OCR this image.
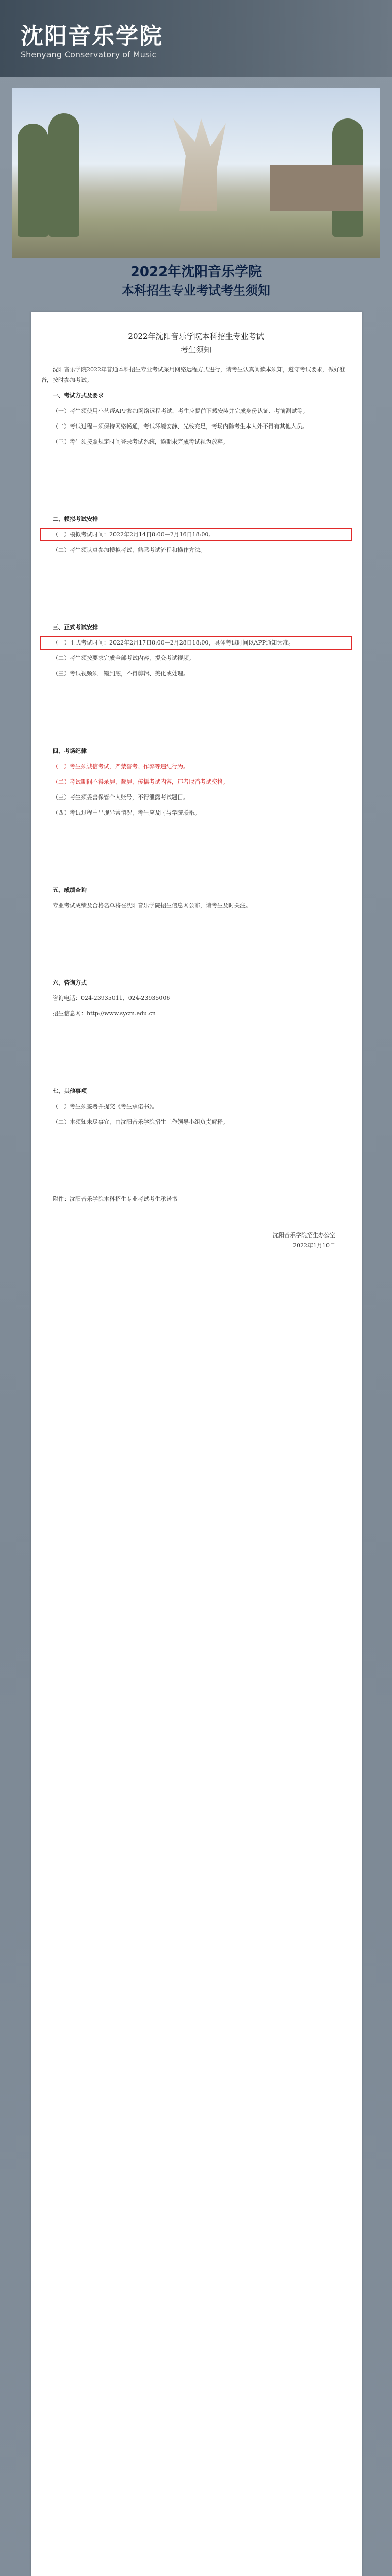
沈阳音乐学院
Shenyang Conservatory of Music
2022年沈阳音乐学院
本科招生专业考试考生须知
2022年沈阳音乐学院本科招生专业考试
考生须知

沈阳音乐学院2022年普通本科招生专业考试采用网络远程方式进行，请考生认真阅读本须知，遵守考试要求，做好准备，按时参加考试。

一、考试方式及要求

（一）考生须使用小艺帮APP参加网络远程考试，考生应提前下载安装并完成身份认证、考前测试等。

（二）考试过程中须保持网络畅通，考试环境安静、光线充足，考场内除考生本人外不得有其他人员。

（三）考生须按照规定时间登录考试系统，逾期未完成考试视为放弃。

二、模拟考试安排

（一）模拟考试时间：2022年2月14日8:00—2月16日18:00。

（二）考生须认真参加模拟考试，熟悉考试流程和操作方法。

三、正式考试安排

（一）正式考试时间：2022年2月17日8:00—2月28日18:00，具体考试时间以APP通知为准。

（二）考生须按要求完成全部考试内容，提交考试视频。

（三）考试视频须一镜到底，不得剪辑、美化或处理。

四、考场纪律

（一）考生须诚信考试，严禁替考、作弊等违纪行为。

（二）考试期间不得录屏、截屏、传播考试内容，违者取消考试资格。

（三）考生须妥善保管个人账号，不得泄露考试题目。

（四）考试过程中出现异常情况，考生应及时与学院联系。

五、成绩查询

专业考试成绩及合格名单将在沈阳音乐学院招生信息网公布，请考生及时关注。

六、咨询方式

咨询电话：024-23935011、024-23935006

招生信息网：http://www.sycm.edu.cn

七、其他事项

（一）考生须签署并提交《考生承诺书》。

（二）本须知未尽事宜，由沈阳音乐学院招生工作领导小组负责解释。

附件：沈阳音乐学院本科招生专业考试考生承诺书

沈阳音乐学院招生办公室
2022年1月10日
